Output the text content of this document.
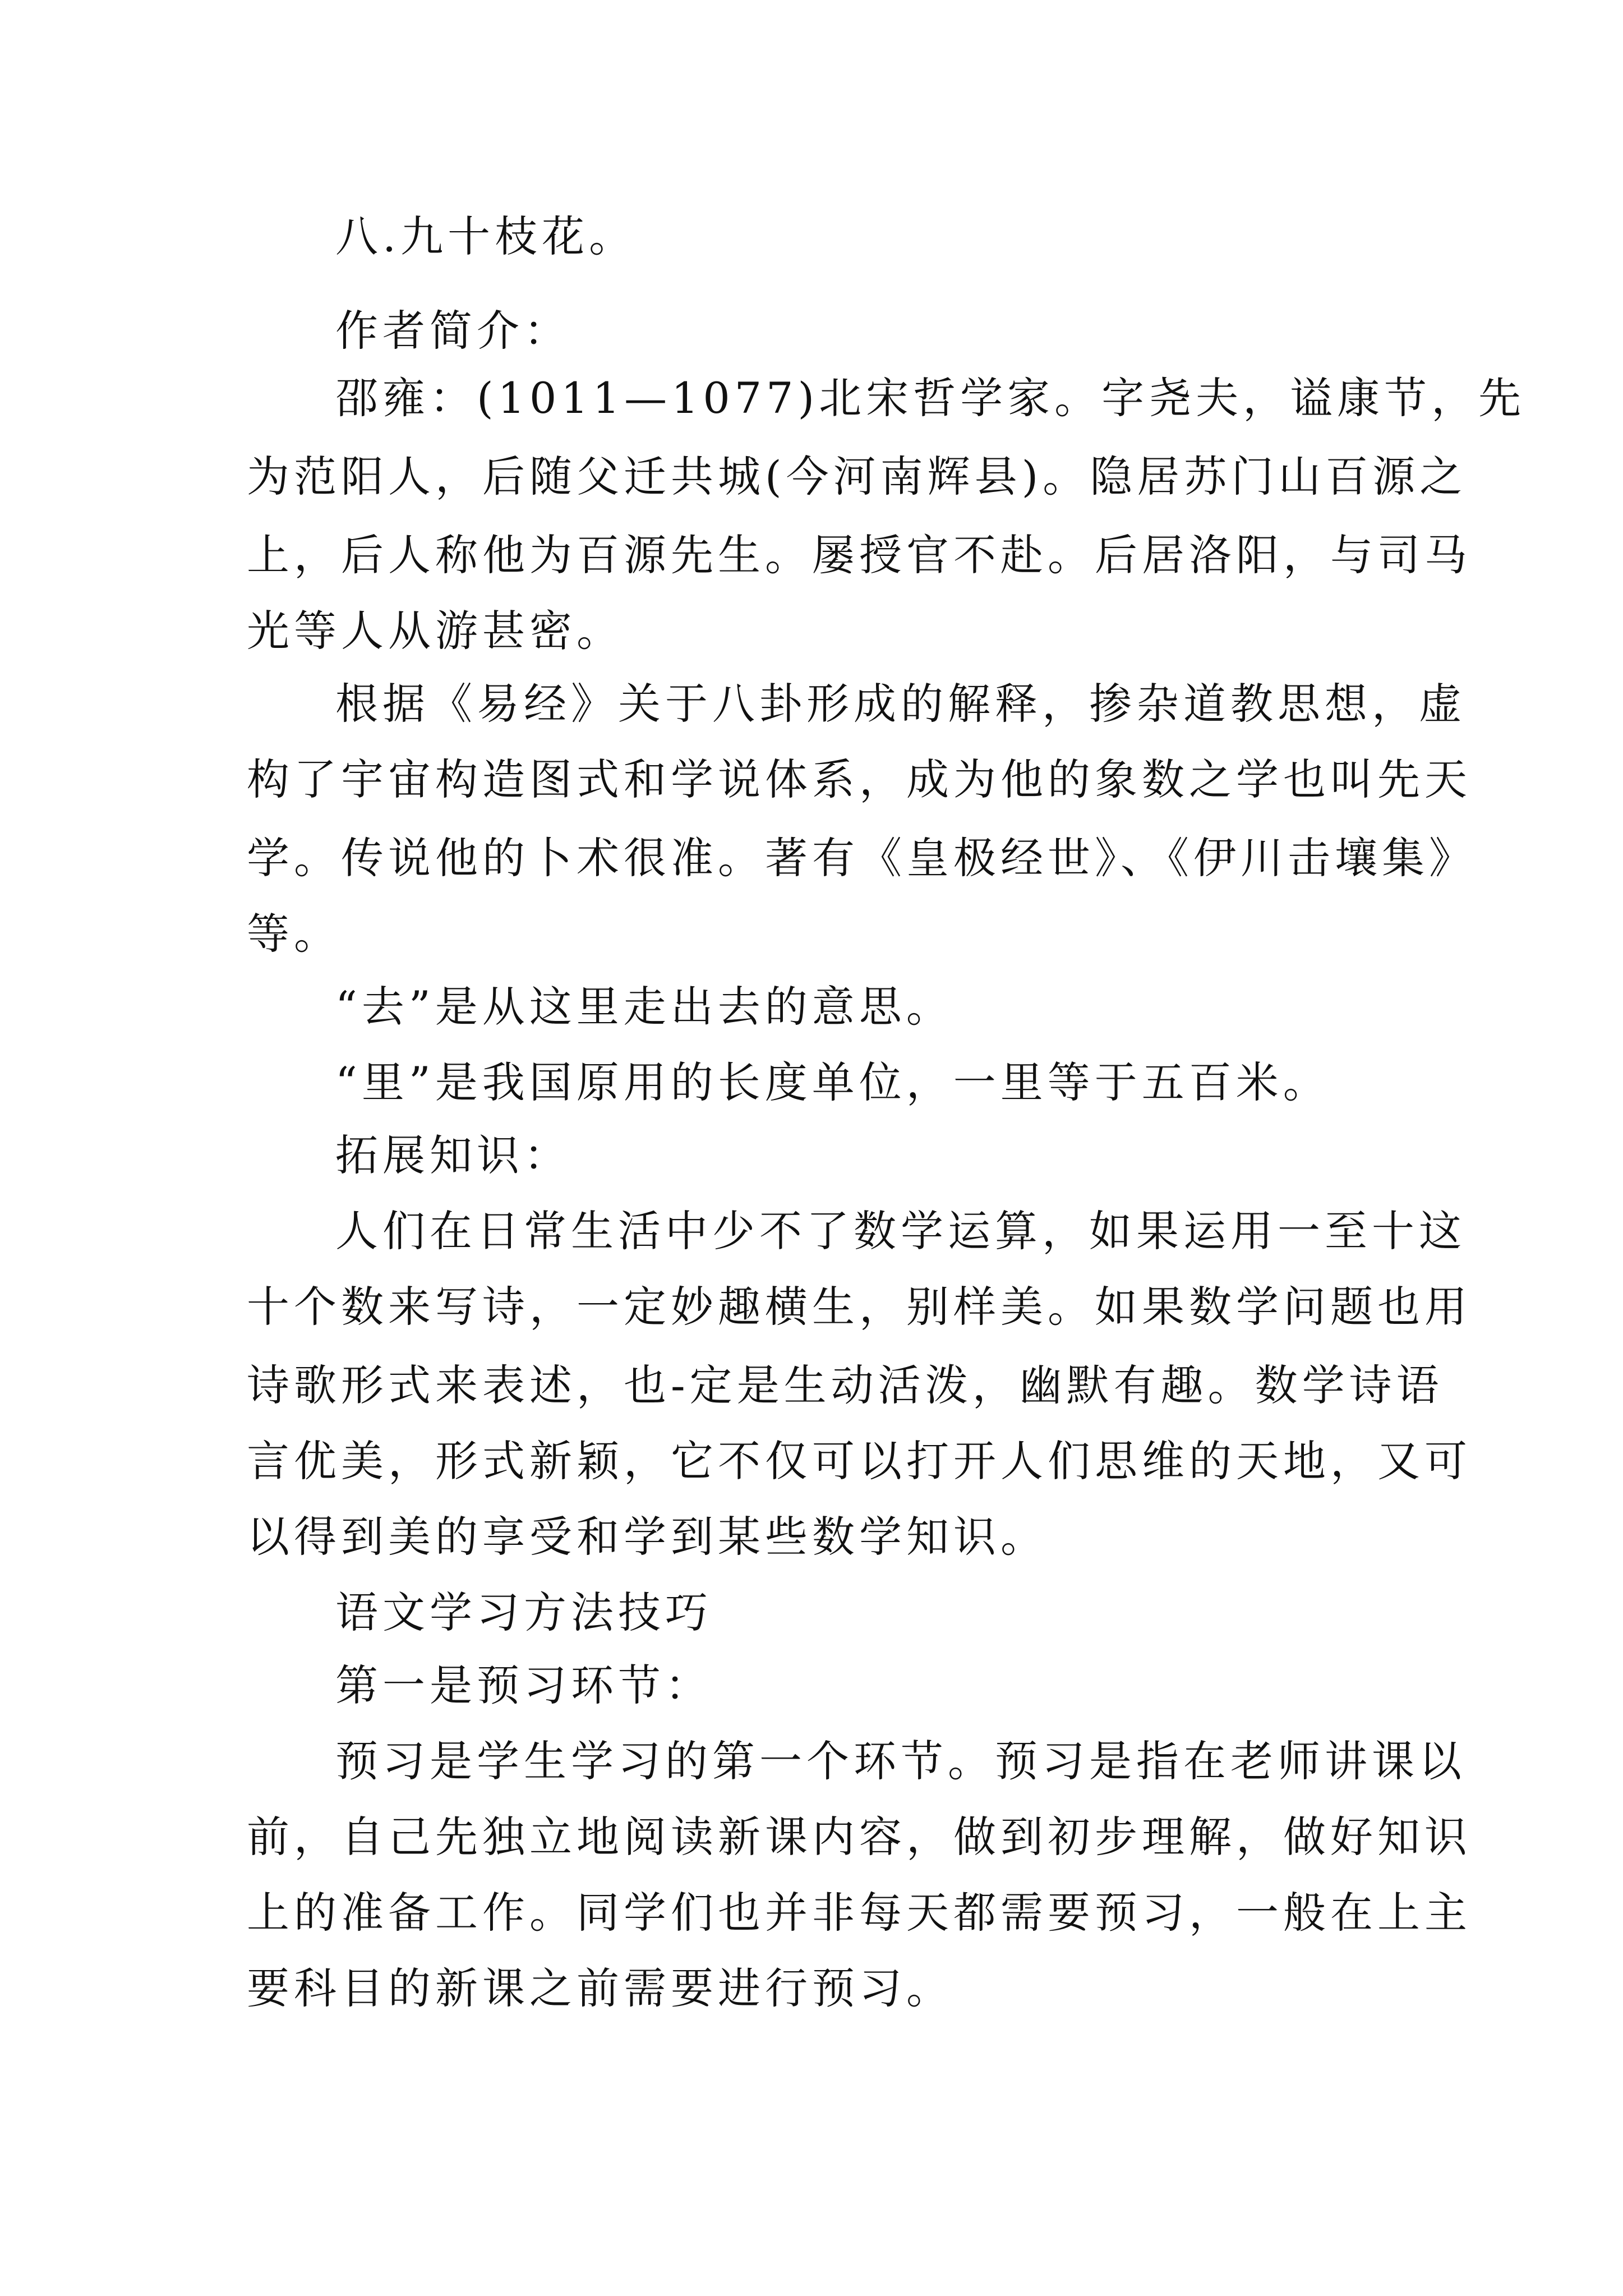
八.九十枝花。
作者简介：
邵雍：(1011—1077)北宋哲学家。字尧夫，谥康节，先
为范阳人，后随父迁共城(今河南辉县)。隐居苏门山百源之
上，后人称他为百源先生。屡授官不赴。后居洛阳，与司马
光等人从游甚密。
根据《易经》关于八卦形成的解释，掺杂道教思想，虚
构了宇宙构造图式和学说体系，成为他的象数之学也叫先天
学。传说他的卜术很准。著有《皇极经世》、《伊川击壤集》
等。
“去”是从这里走出去的意思。
“里”是我国原用的长度单位，一里等于五百米。
拓展知识：
人们在日常生活中少不了数学运算，如果运用一至十这
十个数来写诗，一定妙趣横生，别样美。如果数学问题也用
诗歌形式来表述，也-定是生动活泼，幽默有趣。数学诗语
言优美，形式新颖，它不仅可以打开人们思维的天地，又可
以得到美的享受和学到某些数学知识。
语文学习方法技巧
第一是预习环节：
预习是学生学习的第一个环节。预习是指在老师讲课以
前，自己先独立地阅读新课内容，做到初步理解，做好知识
上的准备工作。同学们也并非每天都需要预习，一般在上主
要科目的新课之前需要进行预习。
